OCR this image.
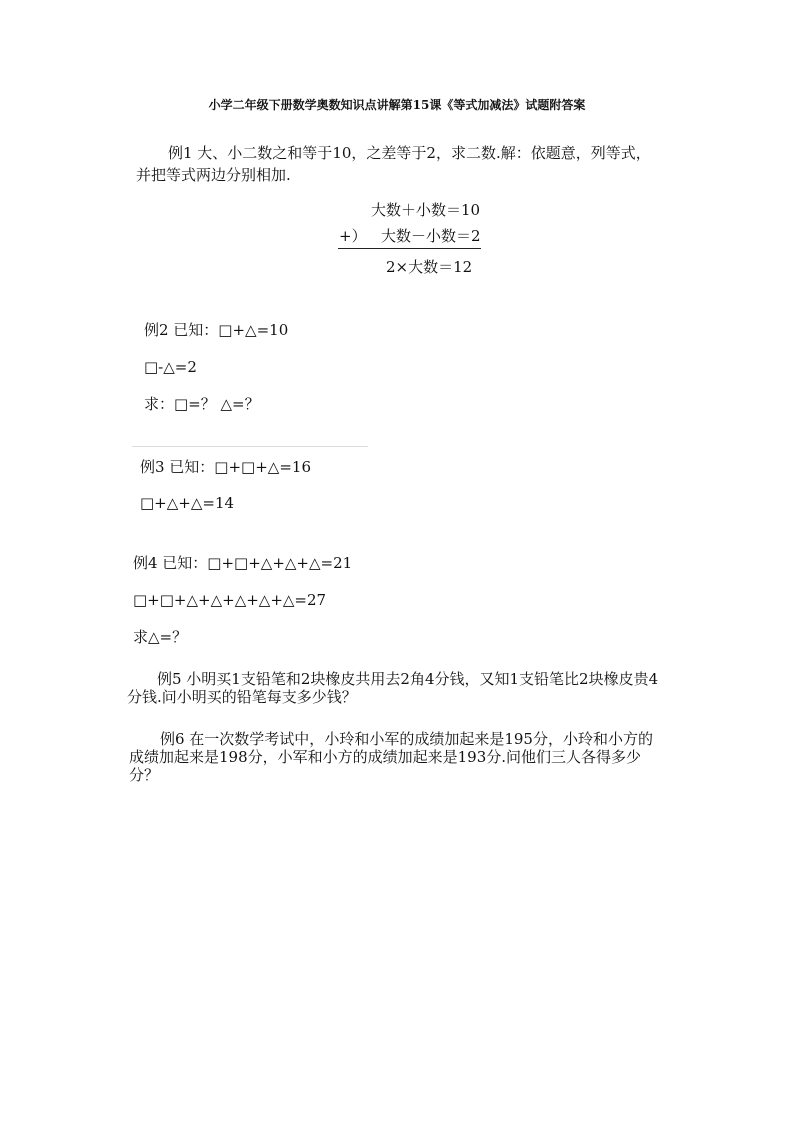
小学二年级下册数学奥数知识点讲解第15课《等式加减法》试题附答案
例1 大、小二数之和等于10，之差等于2，求二数.解：依题意，列等式，
并把等式两边分别相加.
大数＋小数＝10
+） 大数－小数＝2
2×大数＝12
例2 已知：□+△=10
□-△=2
求：□=？ △=？
例3 已知：□+□+△=16
□+△+△=14
例4 已知：□+□+△+△+△=21
□+□+△+△+△+△+△=27
求△=？
例5 小明买1支铅笔和2块橡皮共用去2角4分钱，又知1支铅笔比2块橡皮贵4
分钱.问小明买的铅笔每支多少钱？
例6 在一次数学考试中，小玲和小军的成绩加起来是195分，小玲和小方的
成绩加起来是198分，小军和小方的成绩加起来是193分.问他们三人各得多少
分？
